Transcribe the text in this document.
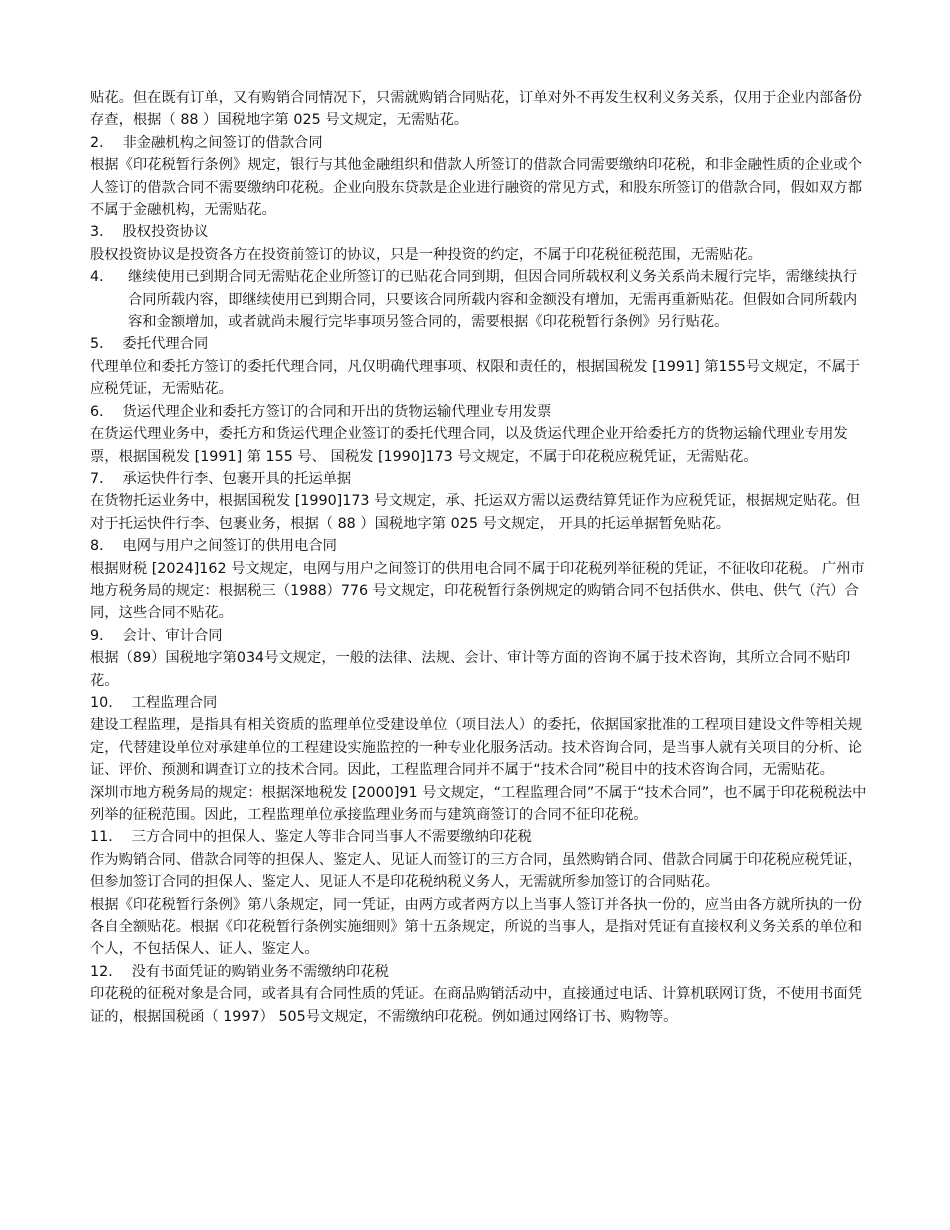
贴花。但在既有订单，又有购销合同情况下，只需就购销合同贴花，订单对外不再发生权利义务关系，仅用于企业内部备份存查，根据（ 88 ）国税地字第 025 号文规定，无需贴花。

2．  非金融机构之间签订的借款合同

根据《印花税暂行条例》规定，银行与其他金融组织和借款人所签订的借款合同需要缴纳印花税，和非金融性质的企业或个人签订的借款合同不需要缴纳印花税。企业向股东贷款是企业进行融资的常见方式，和股东所签订的借款合同，假如双方都不属于金融机构，无需贴花。

3．  股权投资协议

股权投资协议是投资各方在投资前签订的协议，只是一种投资的约定，不属于印花税征税范围，无需贴花。

4．	继续使用已到期合同无需贴花企业所签订的已贴花合同到期，但因合同所载权利义务关系尚未履行完毕，需继续执行合同所载内容，即继续使用已到期合同，只要该合同所载内容和金额没有增加，无需再重新贴花。但假如合同所载内容和金额增加，或者就尚未履行完毕事项另签合同的，需要根据《印花税暂行条例》另行贴花。

5．  委托代理合同

代理单位和委托方签订的委托代理合同，凡仅明确代理事项、权限和责任的，根据国税发 [1991] 第155号文规定，不属于应税凭证，无需贴花。

6．  货运代理企业和委托方签订的合同和开出的货物运输代理业专用发票

在货运代理业务中，委托方和货运代理企业签订的委托代理合同，以及货运代理企业开给委托方的货物运输代理业专用发票，根据国税发 [1991] 第 155 号、 国税发 [1990]173 号文规定，不属于印花税应税凭证，无需贴花。

7．  承运快件行李、包裹开具的托运单据

在货物托运业务中，根据国税发 [1990]173 号文规定，承、托运双方需以运费结算凭证作为应税凭证，根据规定贴花。但对于托运快件行李、包裹业务，根据（ 88 ）国税地字第 025 号文规定， 开具的托运单据暂免贴花。

8．  电网与用户之间签订的供用电合同

根据财税 [2024]162 号文规定，电网与用户之间签订的供用电合同不属于印花税列举征税的凭证，不征收印花税。 广州市地方税务局的规定：根据税三（1988）776 号文规定，印花税暂行条例规定的购销合同不包括供水、供电、供气（汽）合同，这些合同不贴花。

9．  会计、审计合同

根据（89）国税地字第034号文规定，一般的法律、法规、会计、审计等方面的咨询不属于技术咨询，其所立合同不贴印花。

10．  工程监理合同

建设工程监理，是指具有相关资质的监理单位受建设单位（项目法人）的委托，依据国家批准的工程项目建设文件等相关规定，代替建设单位对承建单位的工程建设实施监控的一种专业化服务活动。技术咨询合同，是当事人就有关项目的分析、论证、评价、预测和调查订立的技术合同。因此，工程监理合同并不属于“技术合同”税目中的技术咨询合同，无需贴花。

深圳市地方税务局的规定：根据深地税发 [2000]91 号文规定，“工程监理合同”不属于“技术合同”，也不属于印花税税法中列举的征税范围。因此，工程监理单位承接监理业务而与建筑商签订的合同不征印花税。

11．  三方合同中的担保人、鉴定人等非合同当事人不需要缴纳印花税

作为购销合同、借款合同等的担保人、鉴定人、见证人而签订的三方合同，虽然购销合同、借款合同属于印花税应税凭证，但参加签订合同的担保人、鉴定人、见证人不是印花税纳税义务人，无需就所参加签订的合同贴花。

根据《印花税暂行条例》第八条规定，同一凭证，由两方或者两方以上当事人签订并各执一份的，应当由各方就所执的一份各自全额贴花。根据《印花税暂行条例实施细则》第十五条规定，所说的当事人，是指对凭证有直接权利义务关系的单位和个人，不包括保人、证人、鉴定人。

12．  没有书面凭证的购销业务不需缴纳印花税

印花税的征税对象是合同，或者具有合同性质的凭证。在商品购销活动中，直接通过电话、计算机联网订货，不使用书面凭证的，根据国税函（ 1997） 505号文规定，不需缴纳印花税。例如通过网络订书、购物等。
